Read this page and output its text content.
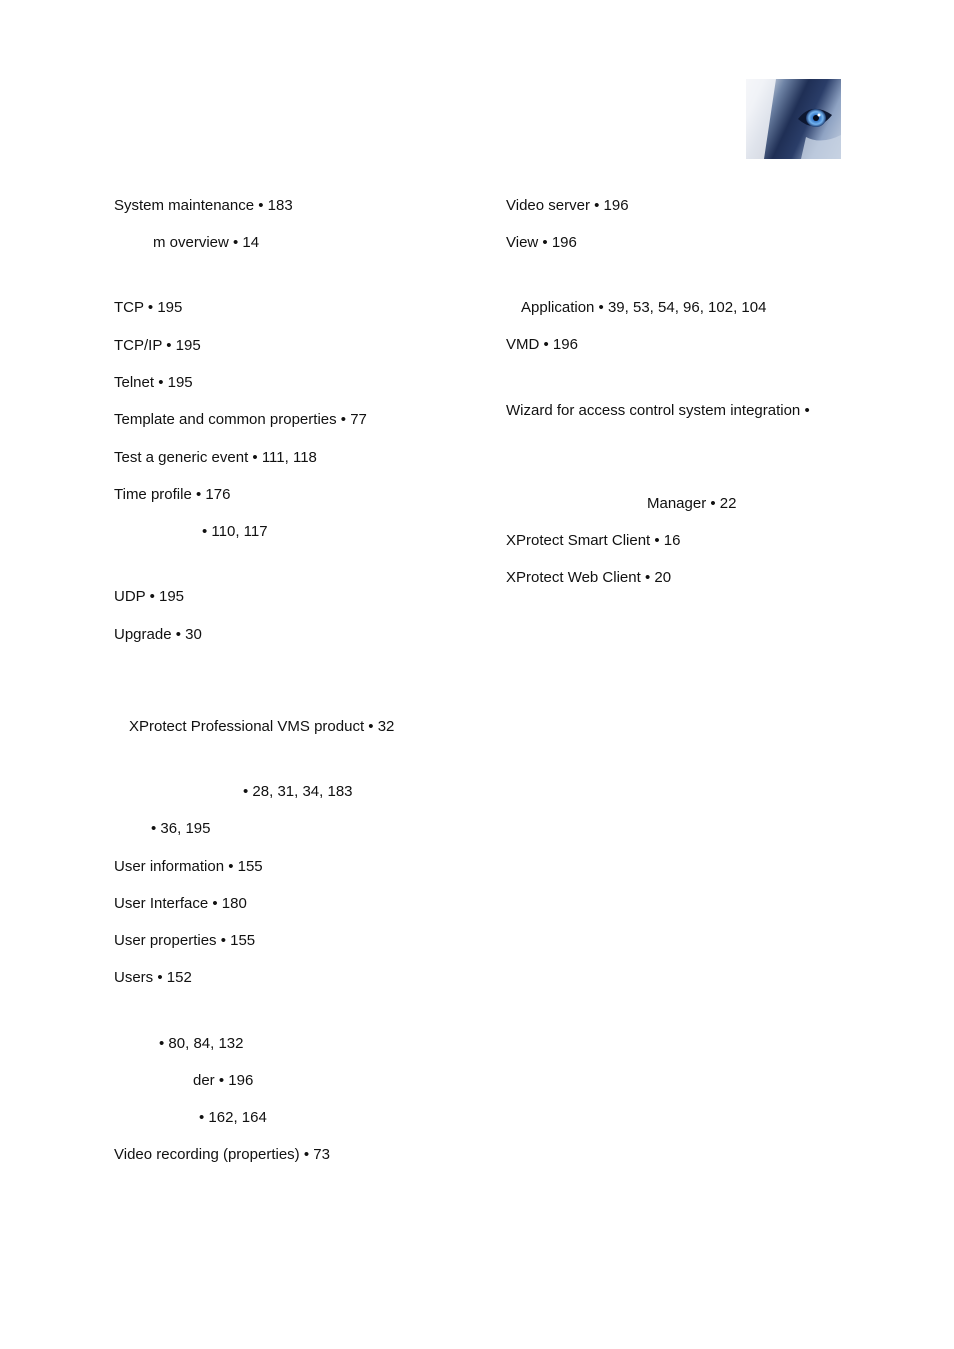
System maintenance • 183
m overview • 14
TCP • 195
TCP/IP • 195
Telnet • 195
Template and common properties • 77
Test a generic event • 111, 118
Time profile • 176
• 110, 117
UDP • 195
Upgrade • 30
XProtect Professional VMS product • 32
• 28, 31, 34, 183
• 36, 195
User information • 155
User Interface • 180
User properties • 155
Users • 152
• 80, 84, 132
der • 196
• 162, 164
Video recording (properties) • 73
Video server • 196
View • 196
Application • 39, 53, 54, 96, 102, 104
VMD • 196
Wizard for access control system integration •
Manager • 22
XProtect Smart Client • 16
XProtect Web Client • 20
